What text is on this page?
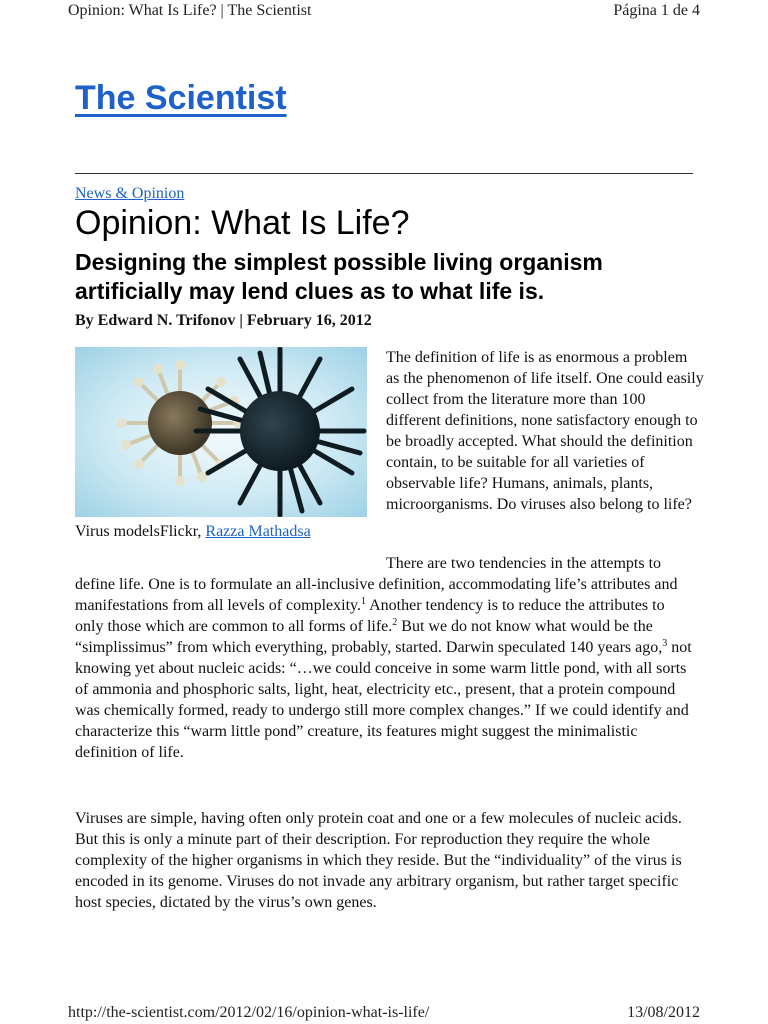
Opinion: What Is Life? | The Scientist	Página 1 de 4
The Scientist
News & Opinion
Opinion: What Is Life?
Designing the simplest possible living organism artificially may lend clues as to what life is.
By Edward N. Trifonov | February 16, 2012
Virus modelsFlickr, Razza Mathadsa

The definition of life is as enormous a problem as the phenomenon of life itself. One could easily collect from the literature more than 100 different definitions, none satisfactory enough to be broadly accepted. What should the definition contain, to be suitable for all varieties of observable life? Humans, animals, plants, microorganisms. Do viruses also belong to life?

There are two tendencies in the attempts to define life. One is to formulate an all-inclusive definition, accommodating life’s attributes and manifestations from all levels of complexity.$^1$ Another tendency is to reduce the attributes to only those which are common to all forms of life.$^2$ But we do not know what would be the “simplissimus” from which everything, probably, started. Darwin speculated 140 years ago,$^3$ not knowing yet about nucleic acids: “…we could conceive in some warm little pond, with all sorts of ammonia and phosphoric salts, light, heat, electricity etc., present, that a protein compound was chemically formed, ready to undergo still more complex changes.” If we could identify and characterize this “warm little pond” creature, its features might suggest the minimalistic definition of life.

Viruses are simple, having often only protein coat and one or a few molecules of nucleic acids. But this is only a minute part of their description. For reproduction they require the whole complexity of the higher organisms in which they reside. But the “individuality” of the virus is encoded in its genome. Viruses do not invade any arbitrary organism, but rather target specific host species, dictated by the virus’s own genes.

http://the-scientist.com/2012/02/16/opinion-what-is-life/	13/08/2012
